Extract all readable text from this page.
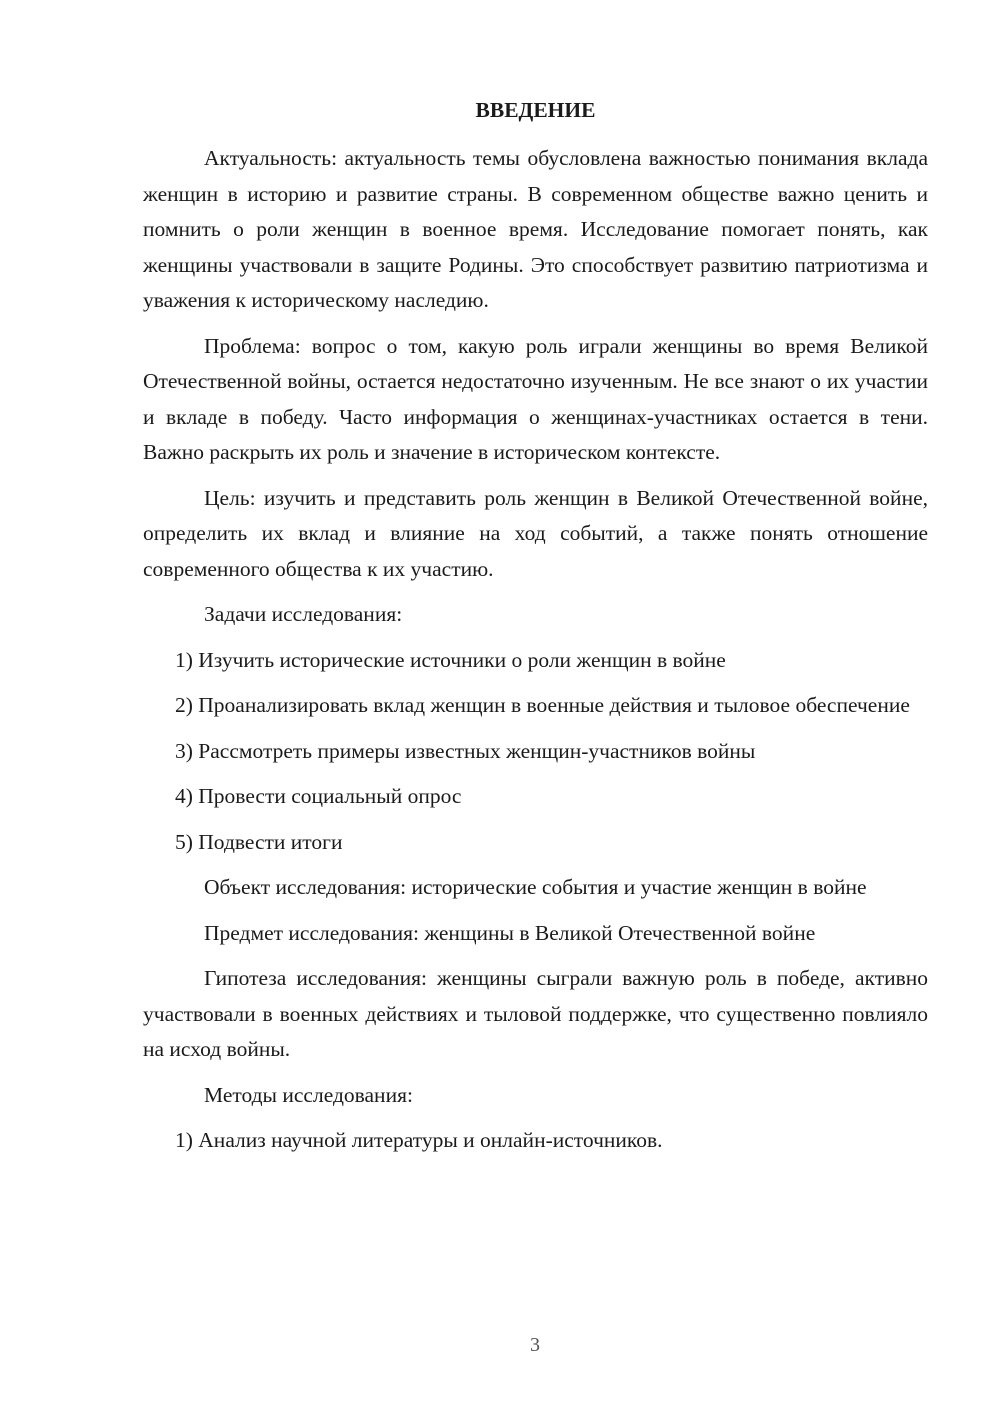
ВВЕДЕНИЕ
Актуальность: актуальность темы обусловлена важностью понимания вклада женщин в историю и развитие страны. В современном обществе важно ценить и помнить о роли женщин в военное время. Исследование помогает понять, как женщины участвовали в защите Родины. Это способствует развитию патриотизма и уважения к историческому наследию.
Проблема: вопрос о том, какую роль играли женщины во время Великой Отечественной войны, остается недостаточно изученным. Не все знают о их участии и вкладе в победу. Часто информация о женщинах-участниках остается в тени. Важно раскрыть их роль и значение в историческом контексте.
Цель: изучить и представить роль женщин в Великой Отечественной войне, определить их вклад и влияние на ход событий, а также понять отношение современного общества к их участию.
Задачи исследования:
1) Изучить исторические источники о роли женщин в войне
2) Проанализировать вклад женщин в военные действия и тыловое обеспечение
3) Рассмотреть примеры известных женщин-участников войны
4) Провести социальный опрос
5) Подвести итоги
Объект исследования: исторические события и участие женщин в войне
Предмет исследования: женщины в Великой Отечественной войне
Гипотеза исследования: женщины сыграли важную роль в победе, активно участвовали в военных действиях и тыловой поддержке, что существенно повлияло на исход войны.
Методы исследования:
1) Анализ научной литературы и онлайн-источников.
3
